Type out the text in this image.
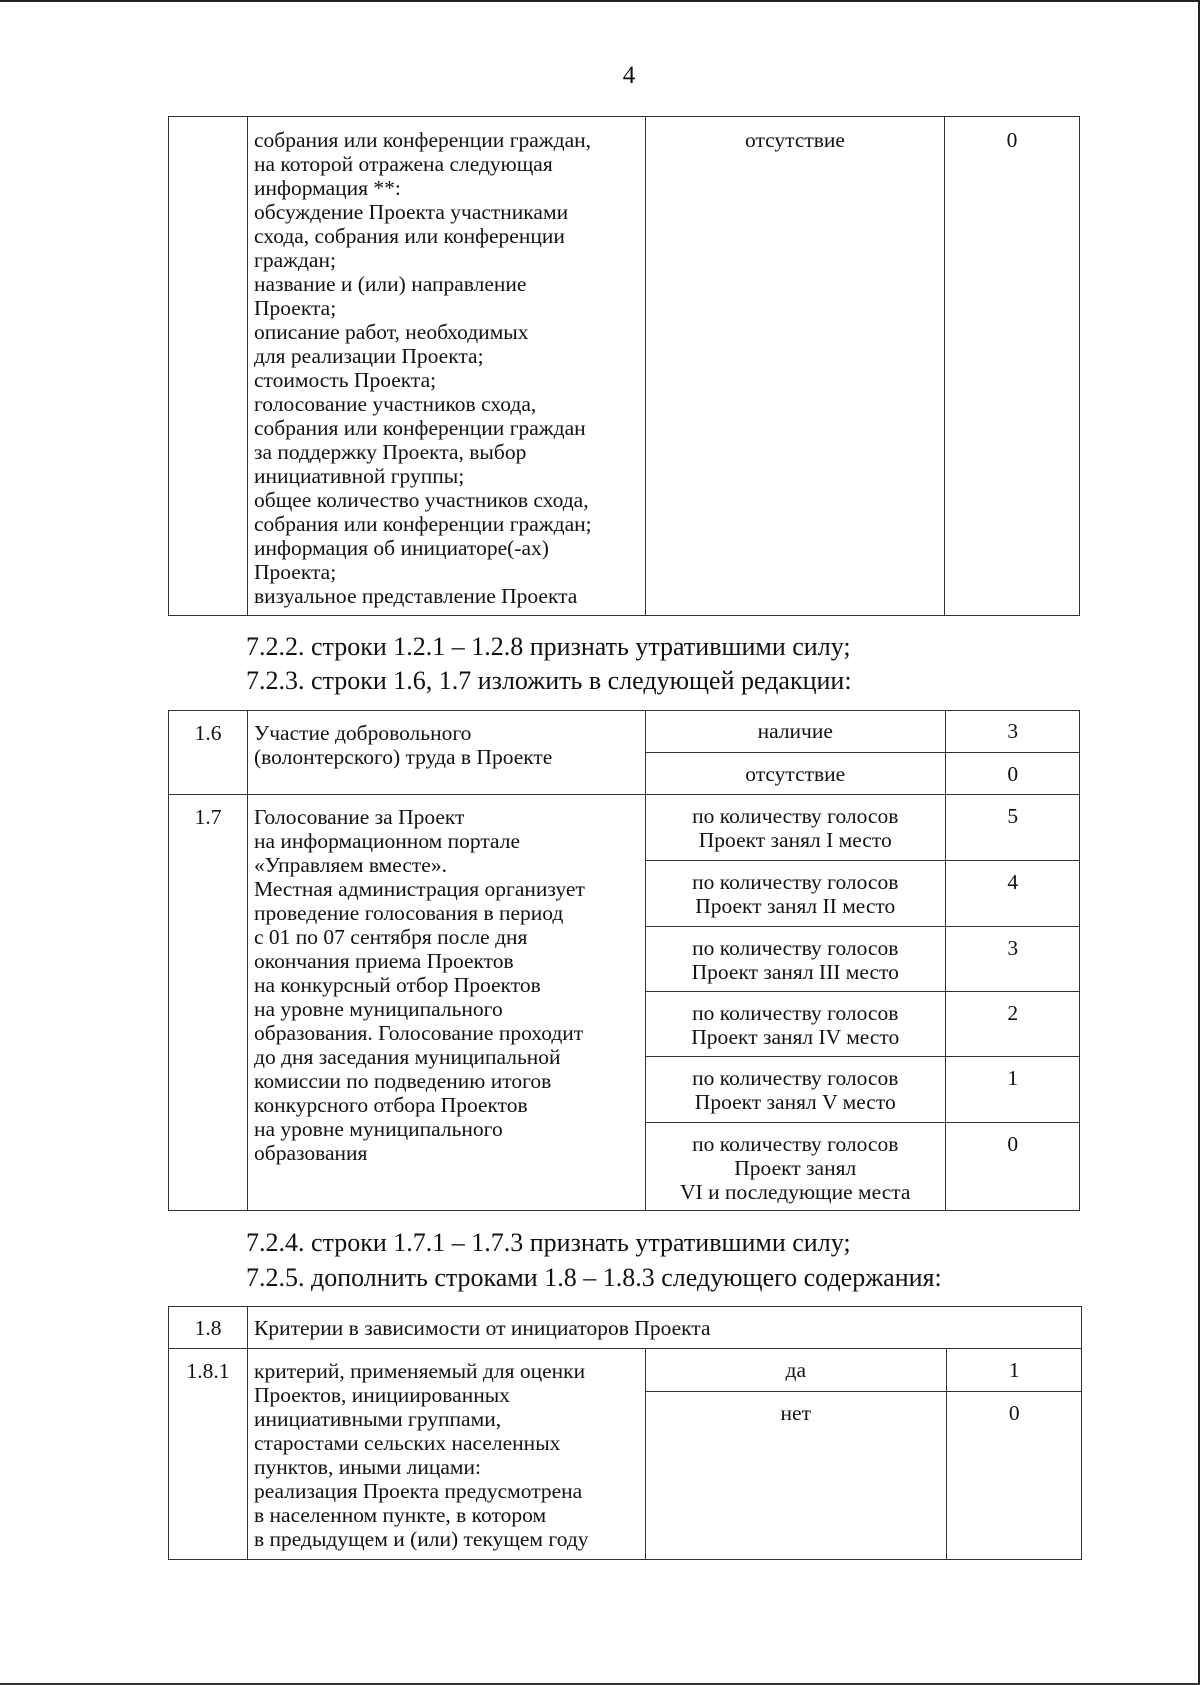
4
	собрания или конференции граждан,
на которой отражена следующая
информация **:
обсуждение Проекта участниками
схода, собрания или конференции
граждан;
название и (или) направление
Проекта;
описание работ, необходимых
для реализации Проекта;
стоимость Проекта;
голосование участников схода,
собрания или конференции граждан
за поддержку Проекта, выбор
инициативной группы;
общее количество участников схода,
собрания или конференции граждан;
информация об инициаторе(-ах)
Проекта;
визуальное представление Проекта	отсутствие	0
7.2.2. строки 1.2.1 – 1.2.8 признать утратившими силу;
7.2.3. строки 1.6, 1.7 изложить в следующей редакции:
1.6	Участие добровольного
(волонтерского) труда в Проекте	
наличие	3
отсутствие	0

1.7	Голосование за Проект
на информационном портале
«Управляем вместе».
Местная администрация организует
проведение голосования в период
с 01 по 07 сентября после дня
окончания приема Проектов
на конкурсный отбор Проектов
на уровне муниципального
образования. Голосование проходит
до дня заседания муниципальной
комиссии по подведению итогов
конкурсного отбора Проектов
на уровне муниципального
образования	
по количеству голосов
Проект занял I место	5
по количеству голосов
Проект занял II место	4
по количеству голосов
Проект занял III место	3
по количеству голосов
Проект занял IV место	2
по количеству голосов
Проект занял V место	1
по количеству голосов
Проект занял
VI и последующие места	0
7.2.4. строки 1.7.1 – 1.7.3 признать утратившими силу;
7.2.5. дополнить строками 1.8 – 1.8.3 следующего содержания:
1.8	Критерии в зависимости от инициаторов Проекта
1.8.1	критерий, применяемый для оценки
Проектов, инициированных
инициативными группами,
старостами сельских населенных
пунктов, иными лицами:
реализация Проекта предусмотрена
в населенном пункте, в котором
в предыдущем и (или) текущем году	
да	1
нет	0
